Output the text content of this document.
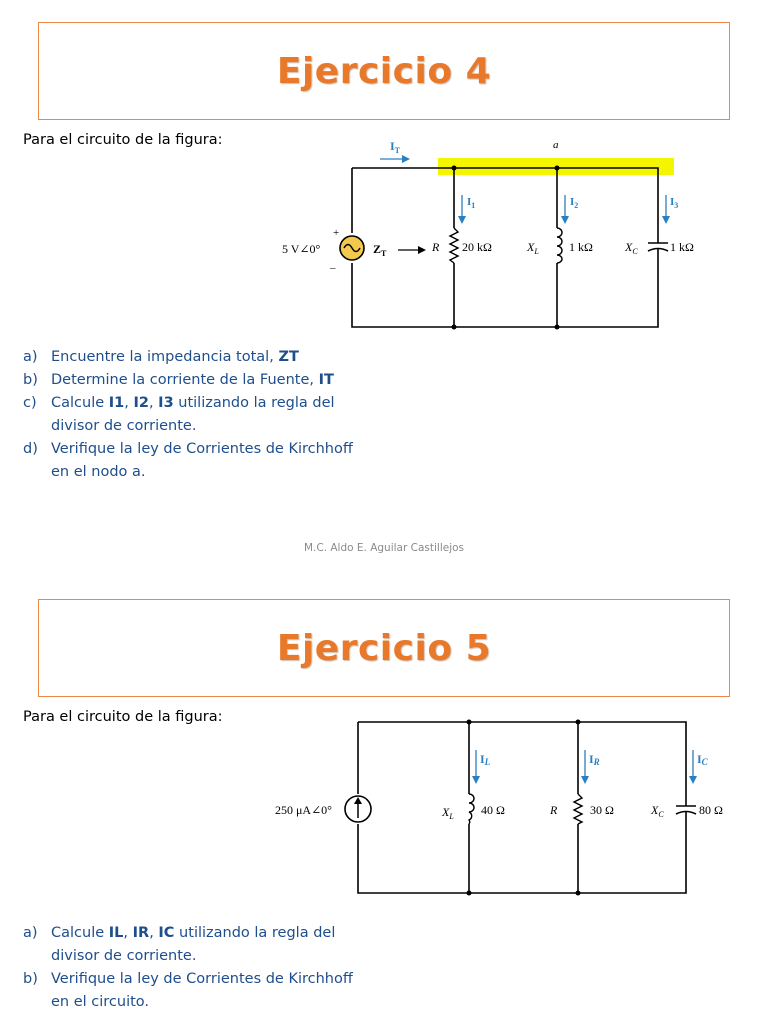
Ejercicio 4
Para el circuito de la figura:
+
–
5 V∠0°	$Z_T$
$I_T$	a
R 20 kΩ	$X_L$	1 kΩ	$X_C$	1 kΩ
$I_1$	$I_2$	$I_3$
a) Encuentre la impedancia total, ZT
b) Determine la corriente de la Fuente, IT
c) Calcule I1, I2, I3 utilizando la regla del divisor de corriente.
d) Verifique la ley de Corrientes de Kirchhoff en el nodo a.
M.C. Aldo E. Aguilar Castillejos
Ejercicio 5
Para el circuito de la figura:
250 μA∠0°	$X_L$ 40 Ω	R	30 Ω	$X_C$	80 Ω
IL	IR	IC
a) Calcule IL, IR, IC utilizando la regla del divisor de corriente.
b) Verifique la ley de Corrientes de Kirchhoff en el circuito.
